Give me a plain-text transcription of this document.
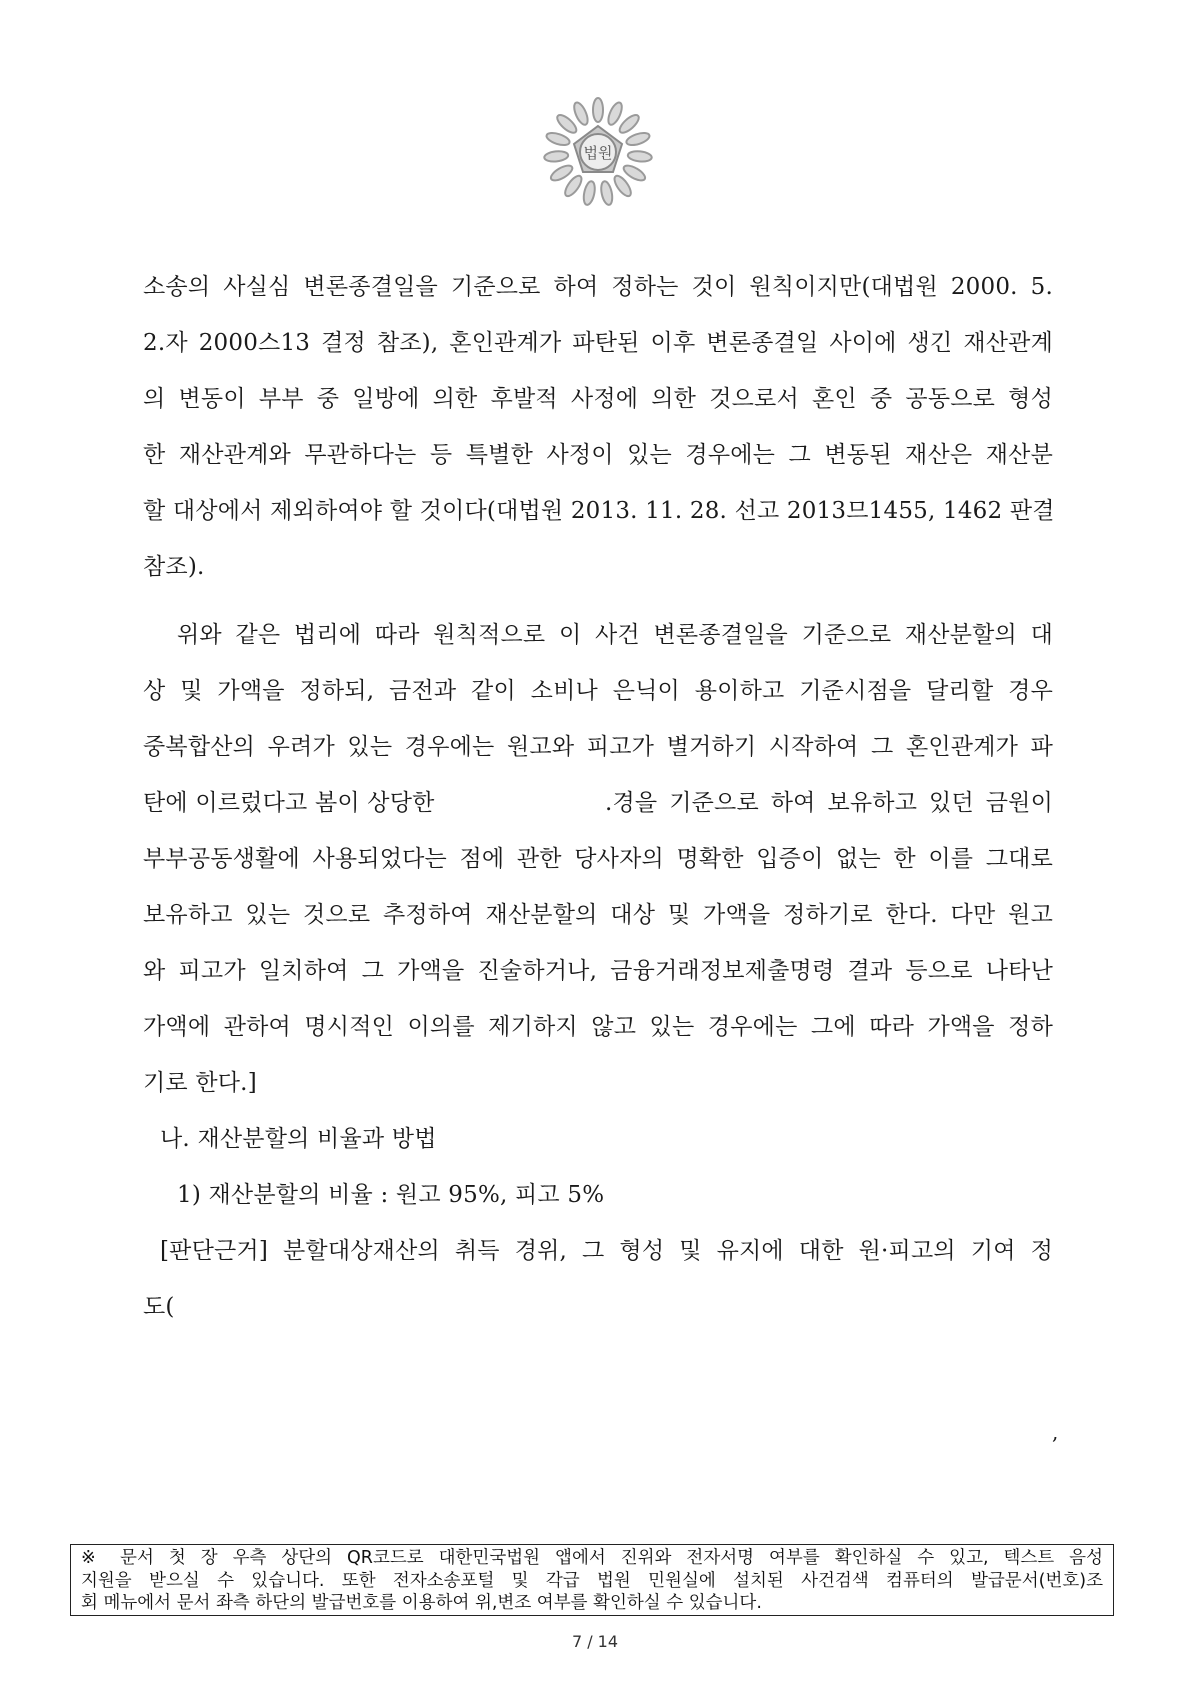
법원
소송의 사실심 변론종결일을 기준으로 하여 정하는 것이 원칙이지만(대법원 2000. 5.
2.자 2000스13 결정 참조), 혼인관계가 파탄된 이후 변론종결일 사이에 생긴 재산관계
의 변동이 부부 중 일방에 의한 후발적 사정에 의한 것으로서 혼인 중 공동으로 형성
한 재산관계와 무관하다는 등 특별한 사정이 있는 경우에는 그 변동된 재산은 재산분
할 대상에서 제외하여야 할 것이다(대법원 2013. 11. 28. 선고 2013므1455, 1462 판결
참조).
위와 같은 법리에 따라 원칙적으로 이 사건 변론종결일을 기준으로 재산분할의 대
상 및 가액을 정하되, 금전과 같이 소비나 은닉이 용이하고 기준시점을 달리할 경우
중복합산의 우려가 있는 경우에는 원고와 피고가 별거하기 시작하여 그 혼인관계가 파
탄에 이르렀다고 봄이 상당한	.경을 기준으로 하여 보유하고 있던 금원이
부부공동생활에 사용되었다는 점에 관한 당사자의 명확한 입증이 없는 한 이를 그대로
보유하고 있는 것으로 추정하여 재산분할의 대상 및 가액을 정하기로 한다. 다만 원고
와 피고가 일치하여 그 가액을 진술하거나, 금융거래정보제출명령 결과 등으로 나타난
가액에 관하여 명시적인 이의를 제기하지 않고 있는 경우에는 그에 따라 가액을 정하
기로 한다.]
나. 재산분할의 비율과 방법
1) 재산분할의 비율 : 원고 95%, 피고 5%
[판단근거] 분할대상재산의 취득 경위, 그 형성 및 유지에 대한 원·피고의 기여 정
도(
,
※ 문서 첫 장 우측 상단의 QR코드로 대한민국법원 앱에서 진위와 전자서명 여부를 확인하실 수 있고, 텍스트 음성
지원을 받으실 수 있습니다. 또한 전자소송포털 및 각급 법원 민원실에 설치된 사건검색 컴퓨터의 발급문서(번호)조
회 메뉴에서 문서 좌측 하단의 발급번호를 이용하여 위,변조 여부를 확인하실 수 있습니다.
7 / 14
